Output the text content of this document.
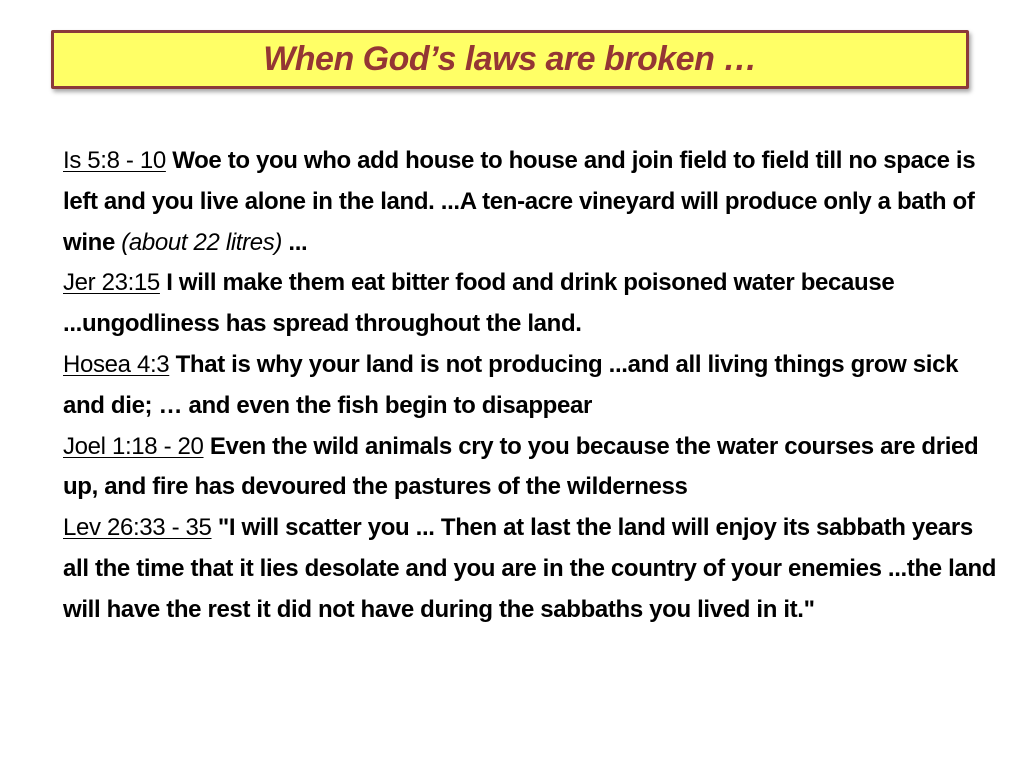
When God’s laws are broken …
Is 5:8 - 10 Woe to you who add house to house and join field to field till no space is left and you live alone in the land. ...A ten-acre vineyard will produce only a bath of wine (about 22 litres) ...
Jer 23:15 I will make them eat bitter food and drink poisoned water because ...ungodliness has spread throughout the land.
Hosea 4:3 That is why your land is not producing ...and all living things grow sick and die; … and even the fish begin to disappear
Joel 1:18 - 20 Even the wild animals cry to you because the water courses are dried up, and fire has devoured the pastures of the wilderness
Lev 26:33 - 35 "I will scatter you ... Then at last the land will enjoy its sabbath years all the time that it lies desolate and you are in the country of your enemies ...the land will have the rest it did not have during the sabbaths you lived in it."
